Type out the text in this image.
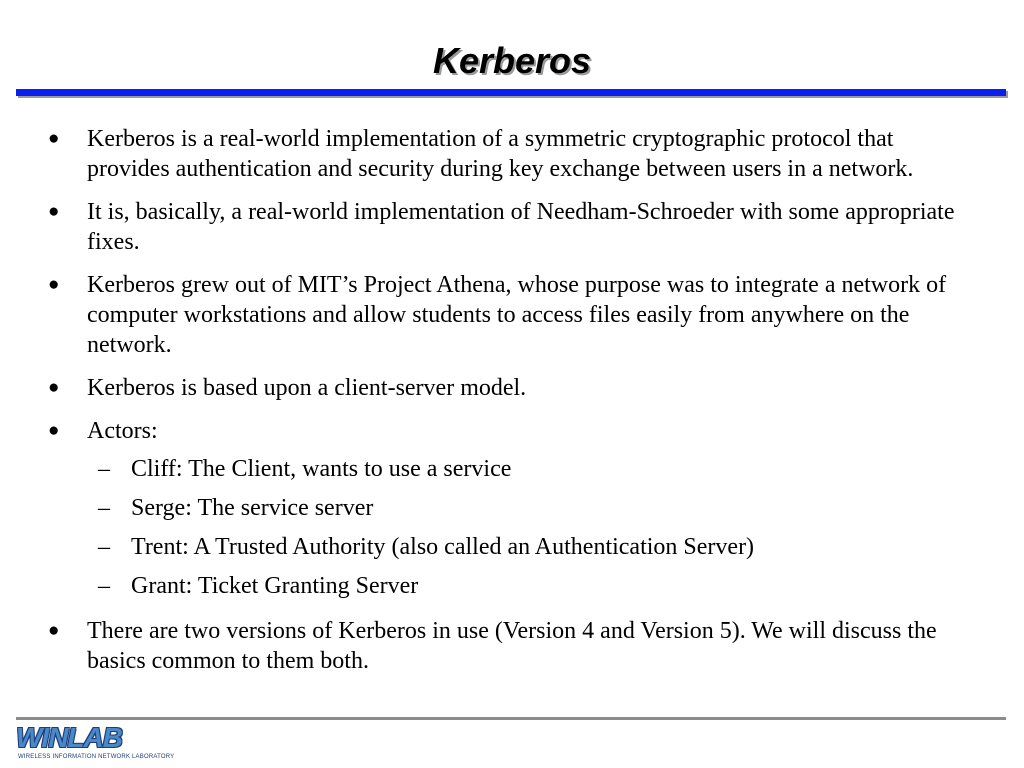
Kerberos
●	Kerberos is a real-world implementation of a symmetric cryptographic protocol that provides authentication and security during key exchange between users in a network.
●	It is, basically, a real-world implementation of Needham-Schroeder with some appropriate fixes.
●	Kerberos grew out of MIT’s Project Athena, whose purpose was to integrate a network of computer workstations and allow students to access files easily from anywhere on the network.
●	Kerberos is based upon a client-server model.
●	Actors:
– Cliff: The Client, wants to use a service
– Serge: The service server
– Trent: A Trusted Authority (also called an Authentication Server)
– Grant: Ticket Granting Server
●	There are two versions of Kerberos in use (Version 4 and Version 5). We will discuss the basics common to them both.
WINLAB
WIRELESS INFORMATION NETWORK LABORATORY
